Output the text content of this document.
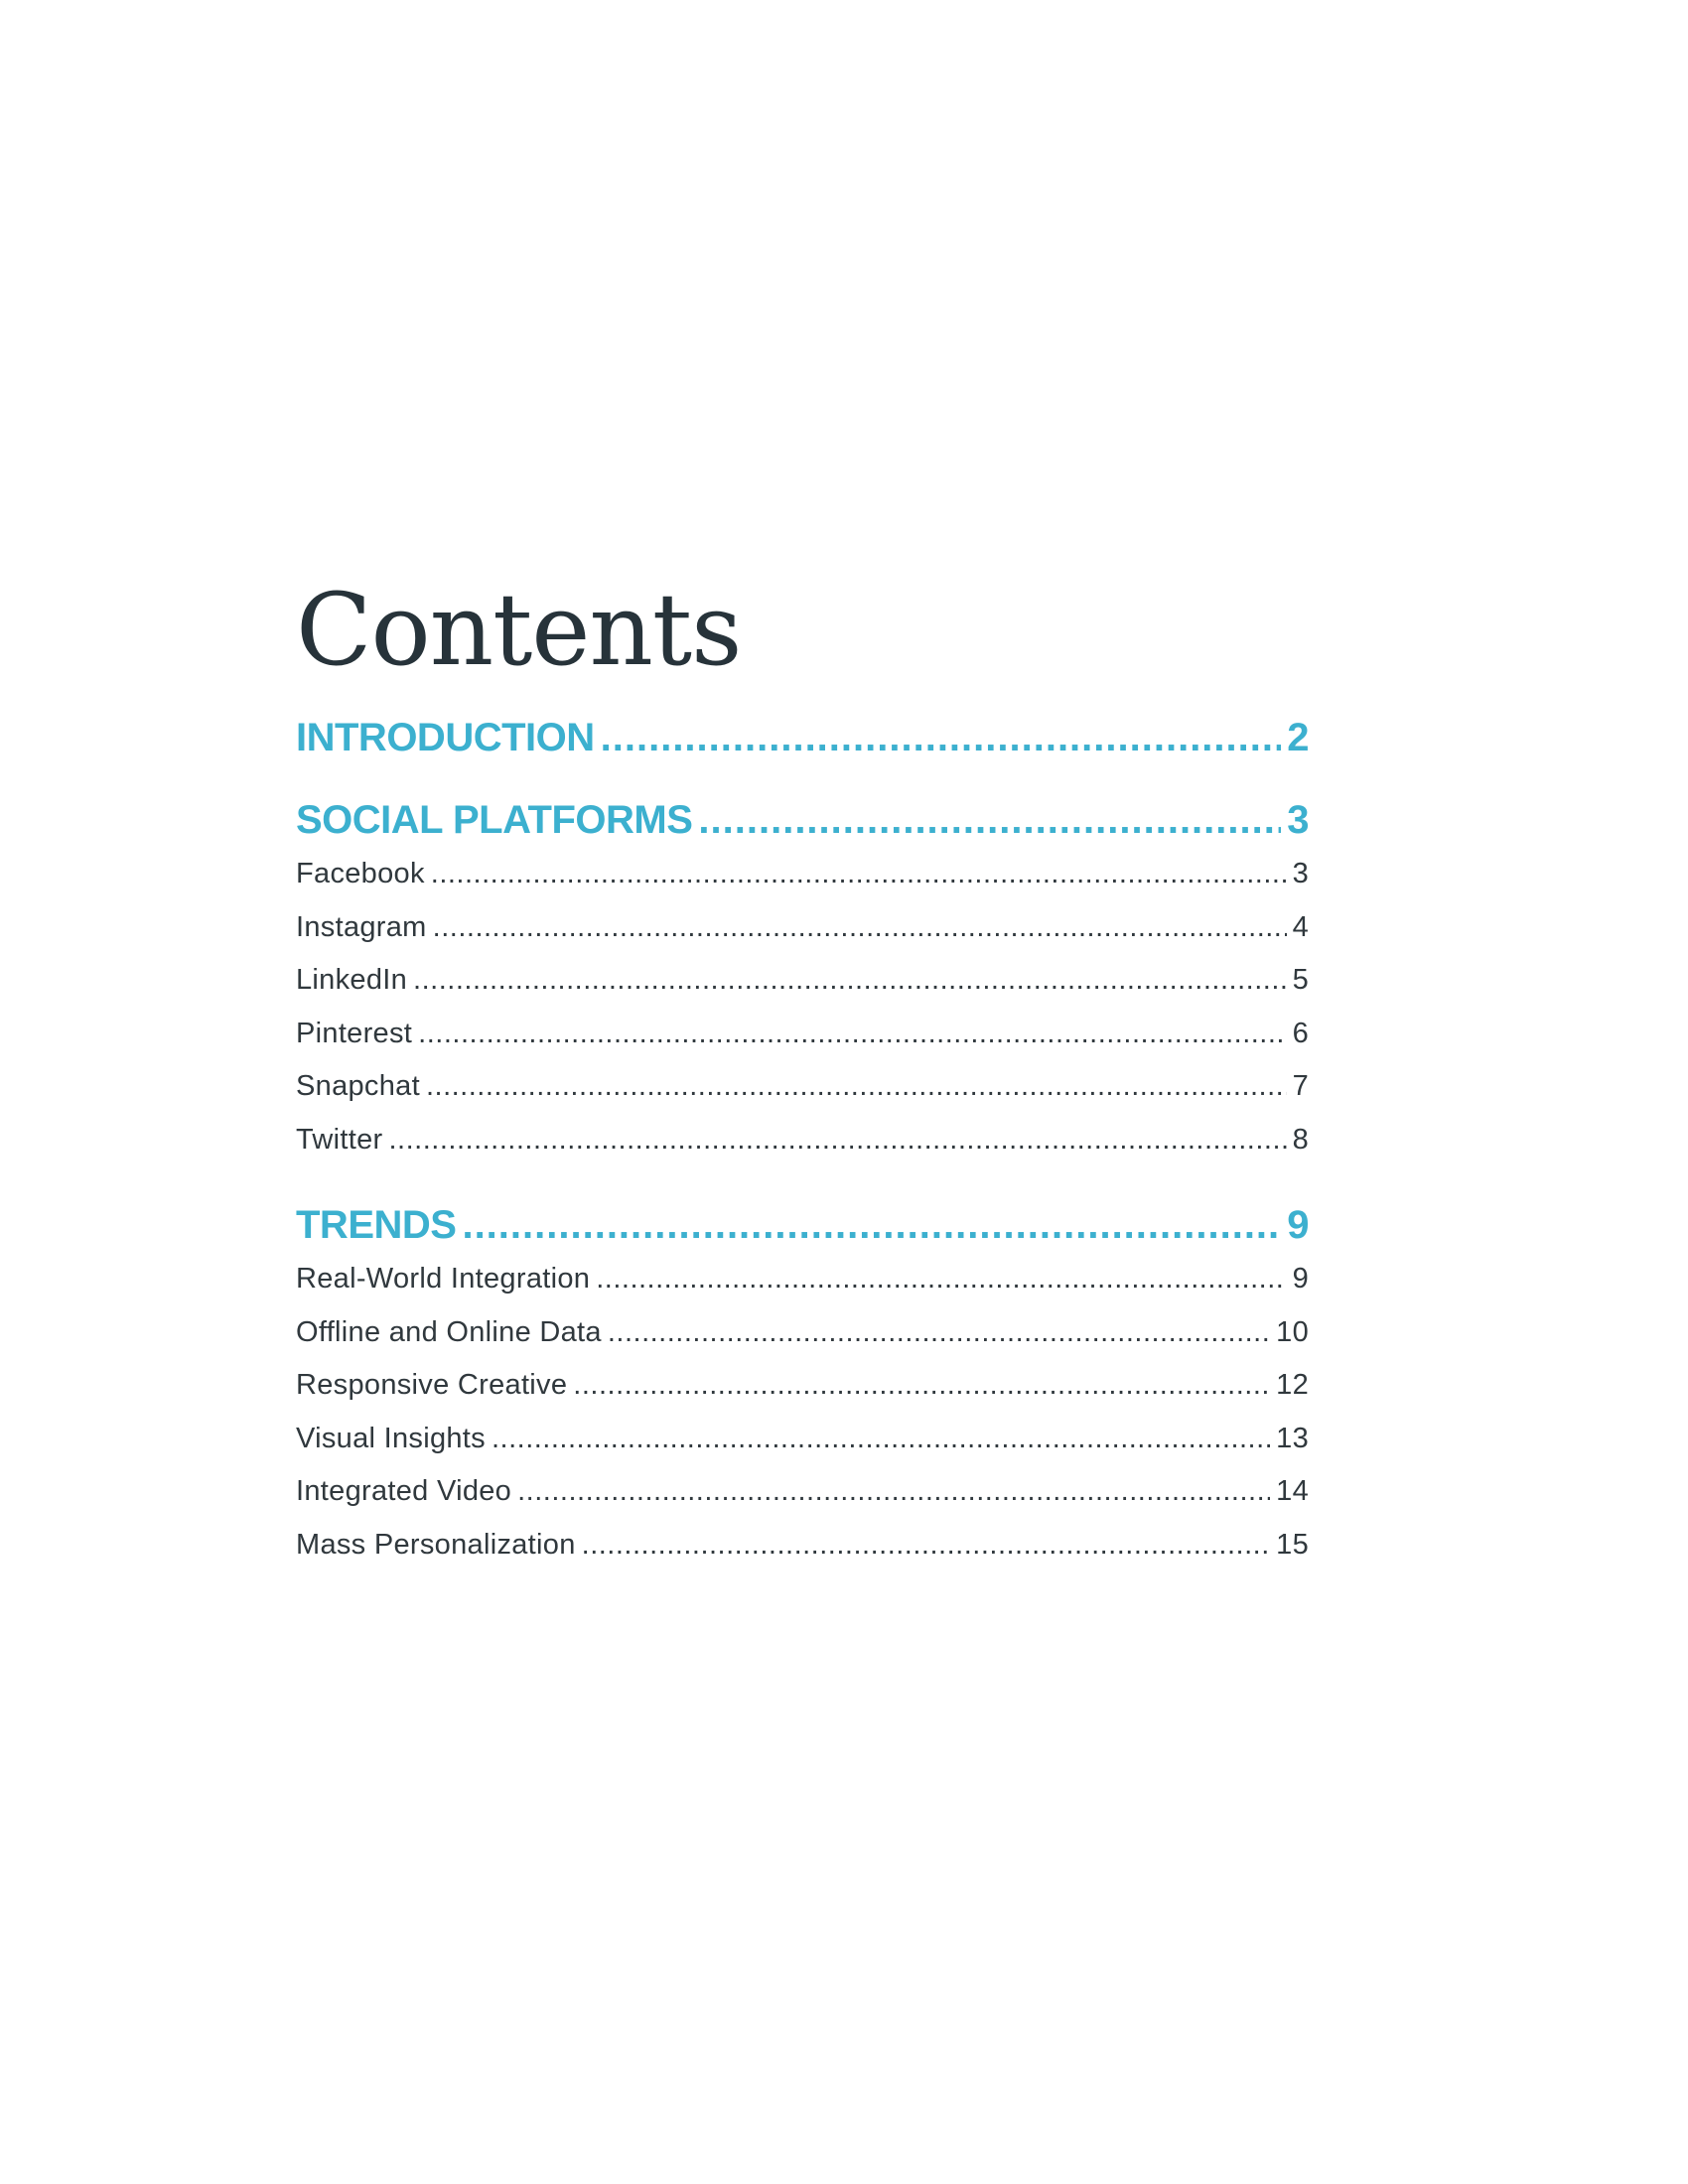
Contents
INTRODUCTION .....	2
SOCIAL PLATFORMS .....	3
Facebook .....	3
Instagram .....	4
LinkedIn .....	5
Pinterest .....	6
Snapchat .....	7
Twitter .....	8
TRENDS .....	9
Real-World Integration .....	9
Offline and Online Data .....	10
Responsive Creative .....	12
Visual Insights .....	13
Integrated Video .....	14
Mass Personalization .....	15
